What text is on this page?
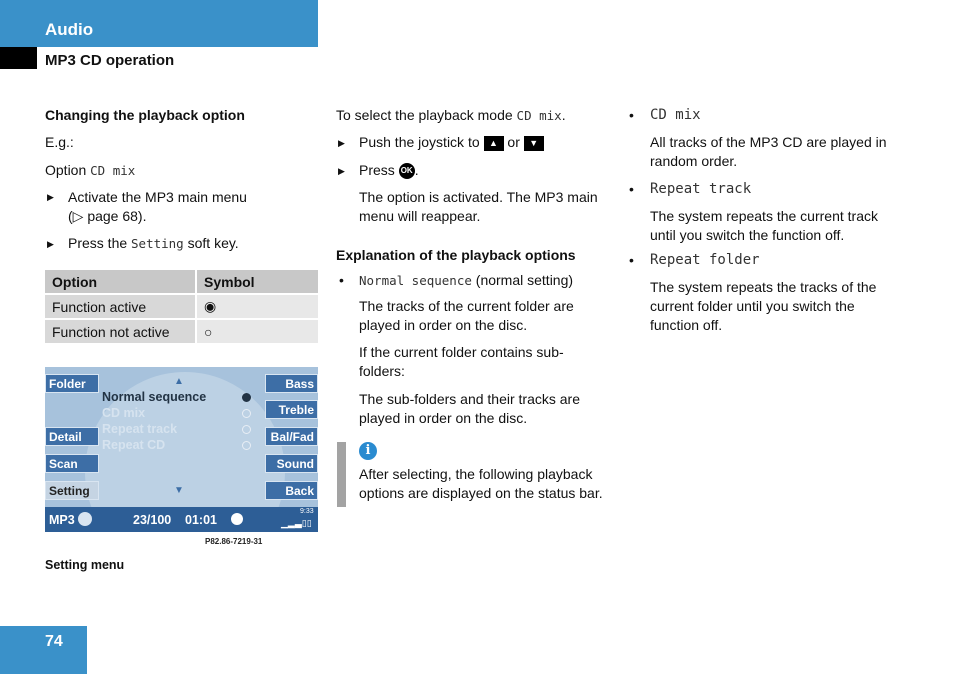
Audio
MP3 CD operation
Changing the playback option
E.g.:
Option CD mix
▶ Activate the MP3 main menu
(▷ page 68).
▶ Press the Setting soft key.
Option	Symbol
Function active	◉
Function not active	○
Folder
Detail
Scan
Setting
Bass
Treble
Bal/Fad
Sound
Back
▲
▼
Normal sequence
CD mix
Repeat track
Repeat CD
MP3	23/100 01:01
9:33
▁▂▃▯▯
P82.86-7219-31
Setting menu
To select the playback mode CD mix.
▶ Push the joystick to ▲ or ▼
▶ Press OK .
The option is activated. The MP3 main
menu will reappear.
Explanation of the playback options
• Normal sequence (normal setting)
The tracks of the current folder are
played in order on the disc.
If the current folder contains sub-
folders:
The sub-folders and their tracks are
played in order on the disc.
i
After selecting, the following playback
options are displayed on the status bar.
• CD mix
All tracks of the MP3 CD are played in
random order.
• Repeat track
The system repeats the current track
until you switch the function off.
• Repeat folder
The system repeats the tracks of the
current folder until you switch the
function off.
74
